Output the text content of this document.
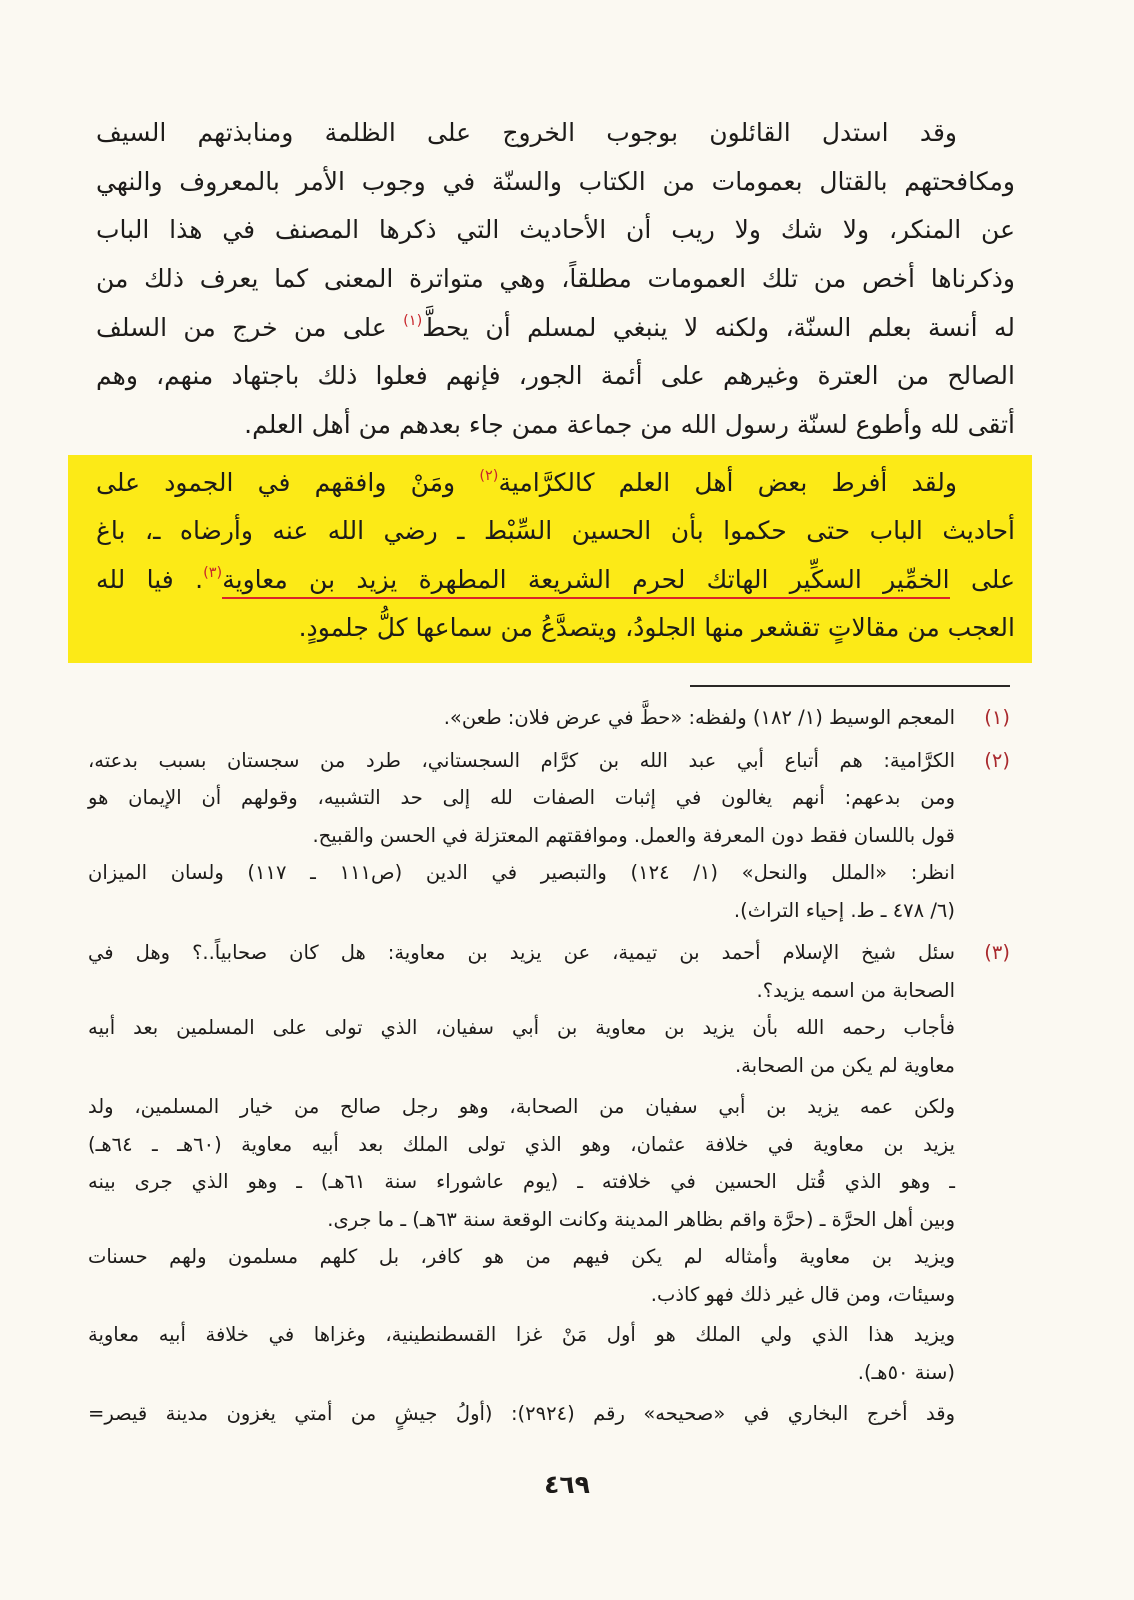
وقد استدل القائلون بوجوب الخروج على الظلمة ومنابذتهم السيف
ومكافحتهم بالقتال بعمومات من الكتاب والسنّة في وجوب الأمر بالمعروف والنهي
عن المنكر، ولا شك ولا ريب أن الأحاديث التي ذكرها المصنف في هذا الباب
وذكرناها أخص من تلك العمومات مطلقاً، وهي متواترة المعنى كما يعرف ذلك من
له أنسة بعلم السنّة، ولكنه لا ينبغي لمسلم أن يحطَّ$^{(١)}$ على من خرج من السلف
الصالح من العترة وغيرهم على أئمة الجور، فإنهم فعلوا ذلك باجتهاد منهم، وهم
أتقى لله وأطوع لسنّة رسول الله من جماعة ممن جاء بعدهم من أهل العلم.
ولقد أفرط بعض أهل العلم كالكرَّامية$^{(٢)}$ ومَنْ وافقهم في الجمود على
أحاديث الباب حتى حكموا بأن الحسين السِّبْط ـ رضي الله عنه وأرضاه ـ، باغ
على الخمِّير السكِّير الهاتك لحرم الشريعة المطهرة يزيد بن معاوية$^{(٣)}$. فيا لله
العجب من مقالاتٍ تقشعر منها الجلودُ، ويتصدَّعُ من سماعها كلُّ جلمودٍ.
(١)
المعجم الوسيط (١/ ١٨٢) ولفظه: «حطَّ في عرض فلان: طعن».
(٢)
الكرَّامية: هم أتباع أبي عبد الله بن كرَّام السجستاني، طرد من سجستان بسبب بدعته،
ومن بدعهم: أنهم يغالون في إثبات الصفات لله إلى حد التشبيه، وقولهم أن الإيمان هو
قول باللسان فقط دون المعرفة والعمل. وموافقتهم المعتزلة في الحسن والقبيح.
انظر: «الملل والنحل» (١/ ١٢٤) والتبصير في الدين (ص١١١ ـ ١١٧) ولسان الميزان
(٦/ ٤٧٨ ـ ط. إحياء التراث).
(٣)
سئل شيخ الإسلام أحمد بن تيمية، عن يزيد بن معاوية: هل كان صحابياً..؟ وهل في
الصحابة من اسمه يزيد؟.
فأجاب رحمه الله بأن يزيد بن معاوية بن أبي سفيان، الذي تولى على المسلمين بعد أبيه
معاوية لم يكن من الصحابة.
ولكن عمه يزيد بن أبي سفيان من الصحابة، وهو رجل صالح من خيار المسلمين، ولد
يزيد بن معاوية في خلافة عثمان، وهو الذي تولى الملك بعد أبيه معاوية (٦٠هـ ـ ٦٤هـ)
ـ وهو الذي قُتل الحسين في خلافته ـ (يوم عاشوراء سنة ٦١هـ) ـ وهو الذي جرى بينه
وبين أهل الحرَّة ـ (حرَّة واقم بظاهر المدينة وكانت الوقعة سنة ٦٣هـ) ـ ما جرى.
ويزيد بن معاوية وأمثاله لم يكن فيهم من هو كافر، بل كلهم مسلمون ولهم حسنات
وسيئات، ومن قال غير ذلك فهو كاذب.
ويزيد هذا الذي ولي الملك هو أول مَنْ غزا القسطنطينية، وغزاها في خلافة أبيه معاوية
(سنة ٥٠هـ).
وقد أخرج البخاري في «صحيحه» رقم (٢٩٢٤): (أولُ جيشٍ من أمتي يغزون مدينة قيصر=
٤٦٩
